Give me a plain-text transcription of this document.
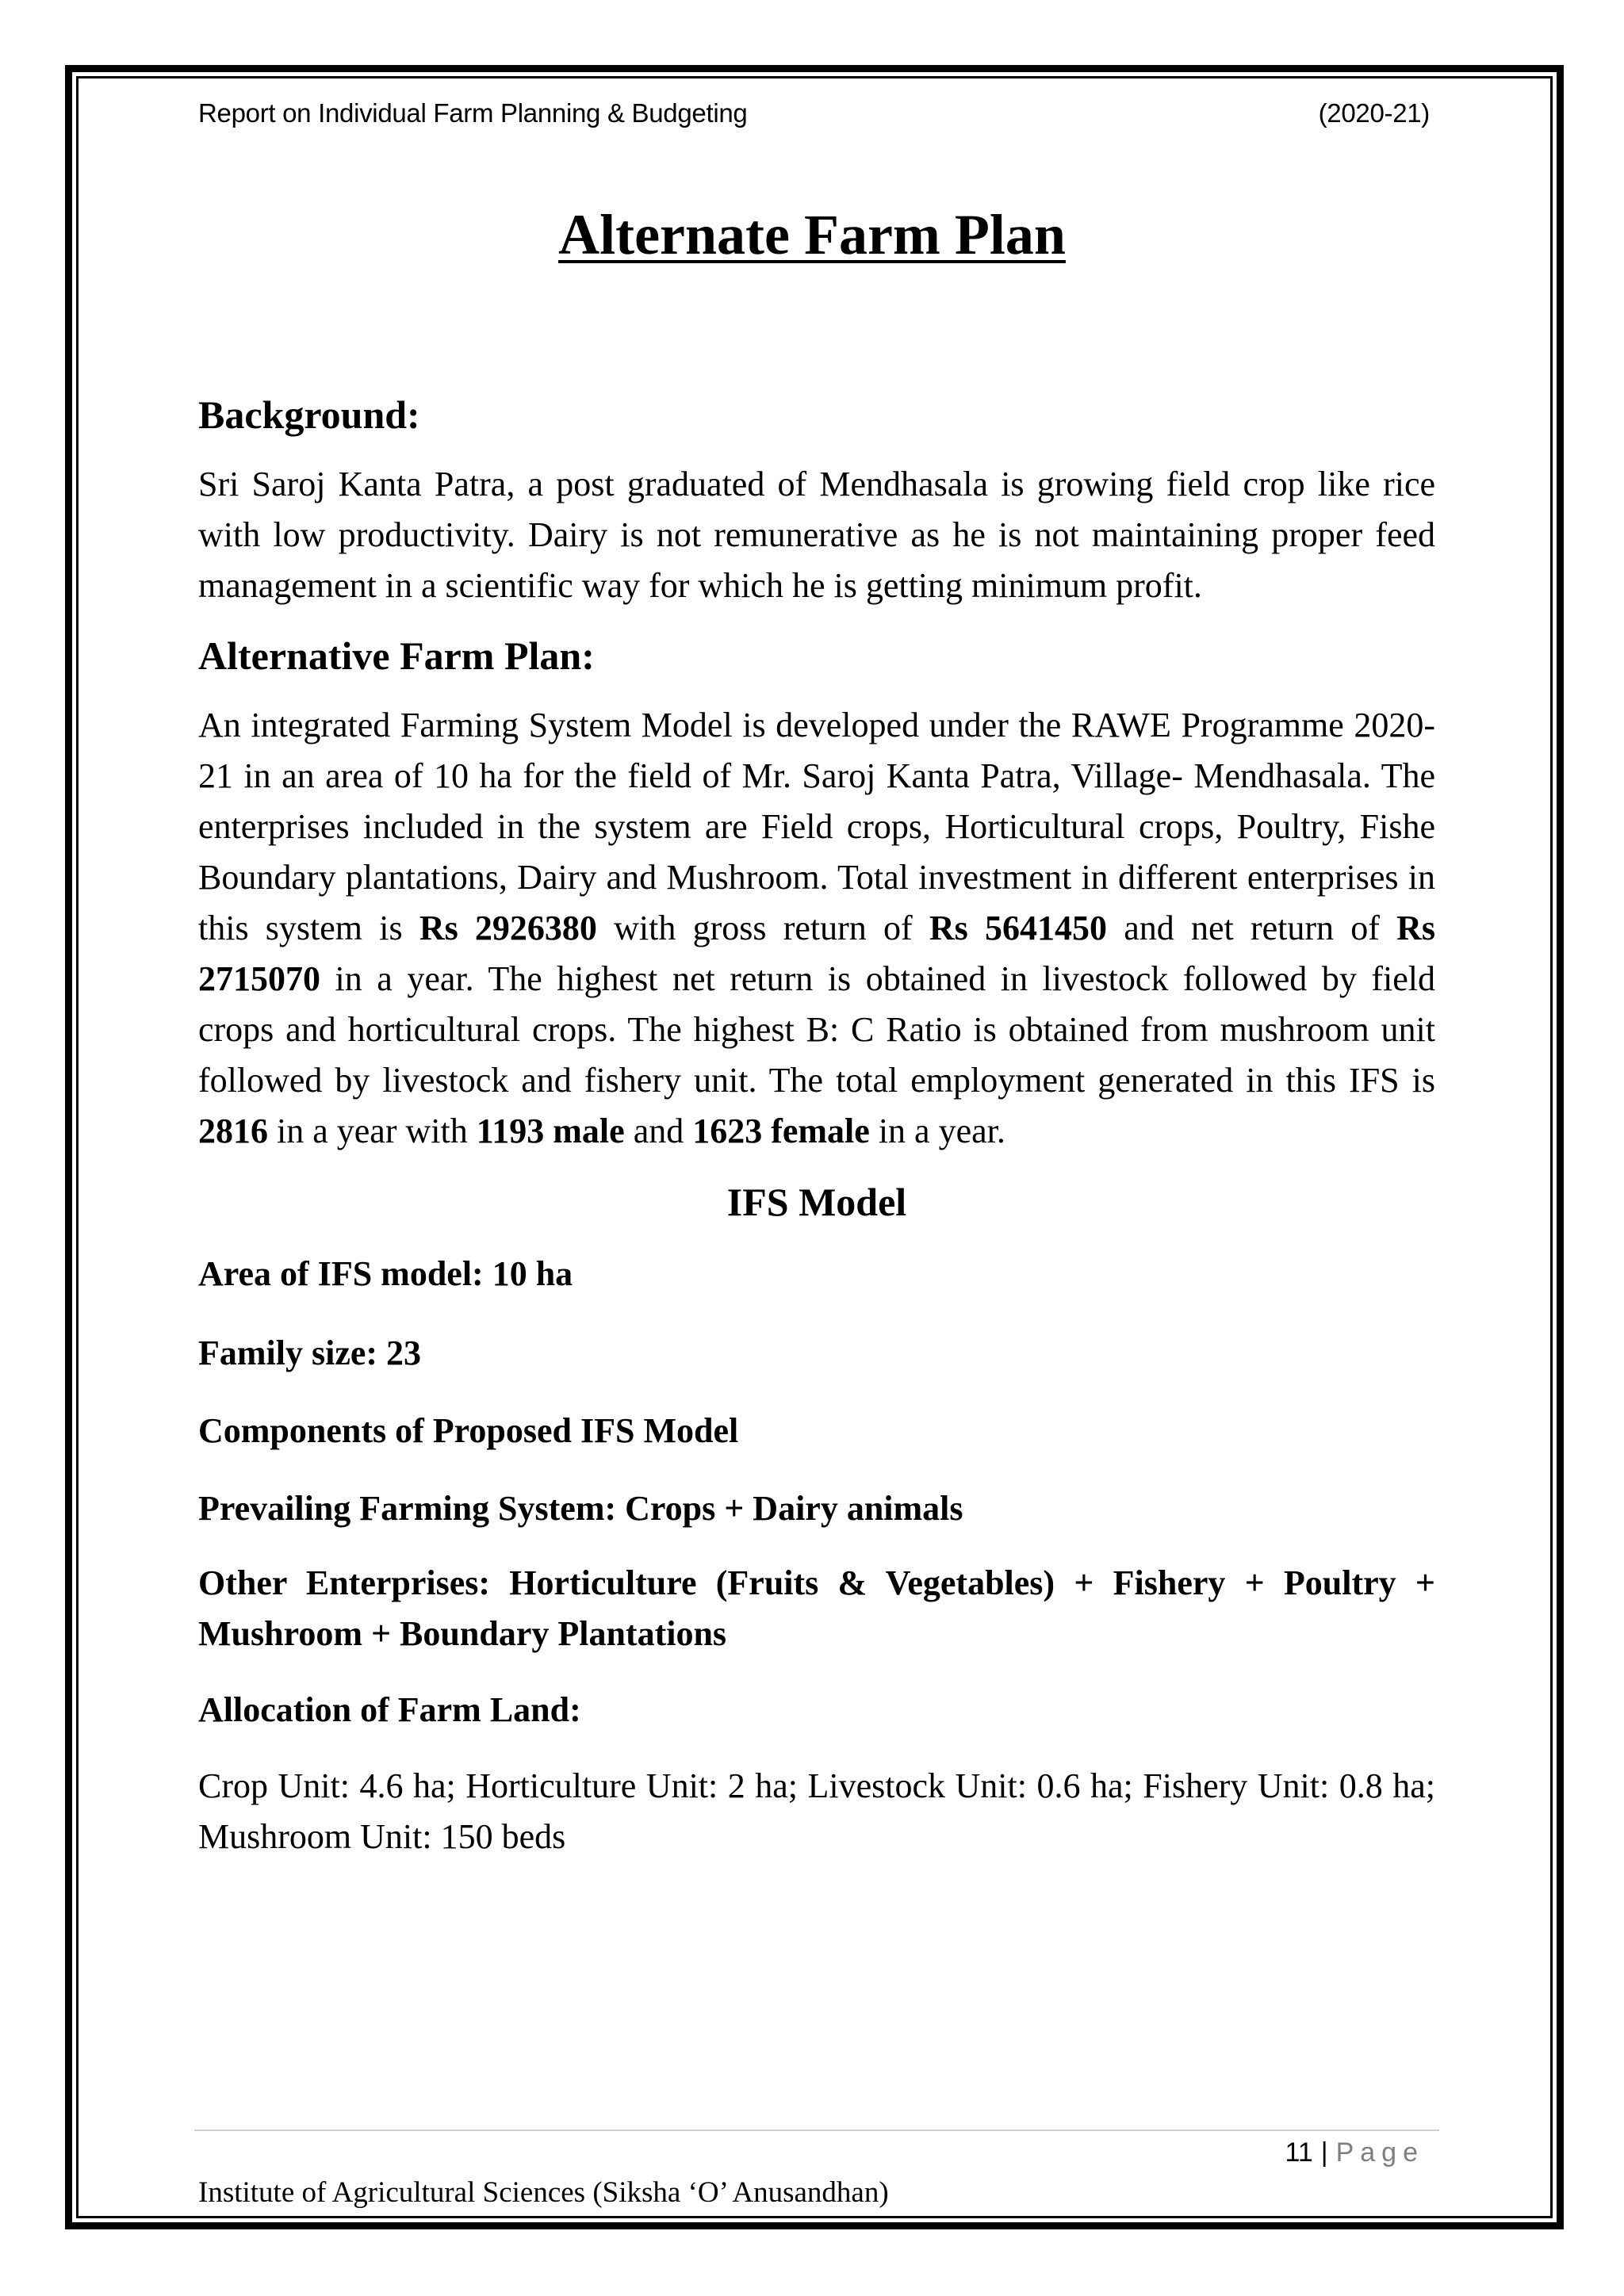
Report on Individual Farm Planning & Budgeting	(2020-21)
Alternate Farm Plan

Background:

Sri Saroj Kanta Patra, a post graduated of Mendhasala is growing field crop like rice with low productivity. Dairy is not remunerative as he is not maintaining proper feed management in a scientific way for which he is getting minimum profit.

Alternative Farm Plan:

An integrated Farming System Model is developed under the RAWE Programme 2020-21 in an area of 10 ha for the field of Mr. Saroj Kanta Patra, Village- Mendhasala. The enterprises included in the system are Field crops, Horticultural crops, Poultry, Fishe Boundary plantations, Dairy and Mushroom. Total investment in different enterprises in this system is Rs 2926380 with gross return of Rs 5641450 and net return of Rs 2715070 in a year. The highest net return is obtained in livestock followed by field crops and horticultural crops. The highest B: C Ratio is obtained from mushroom unit followed by livestock and fishery unit. The total employment generated in this IFS is 2816 in a year with 1193 male and 1623 female in a year.

IFS Model

Area of IFS model: 10 ha

Family size: 23

Components of Proposed IFS Model

Prevailing Farming System: Crops + Dairy animals

Other Enterprises: Horticulture (Fruits & Vegetables) + Fishery + Poultry + Mushroom + Boundary Plantations

Allocation of Farm Land:

Crop Unit: 4.6 ha; Horticulture Unit: 2 ha; Livestock Unit: 0.6 ha; Fishery Unit: 0.8 ha; Mushroom Unit: 150 beds

11 | Page
Institute of Agricultural Sciences (Siksha ‘O’ Anusandhan)
